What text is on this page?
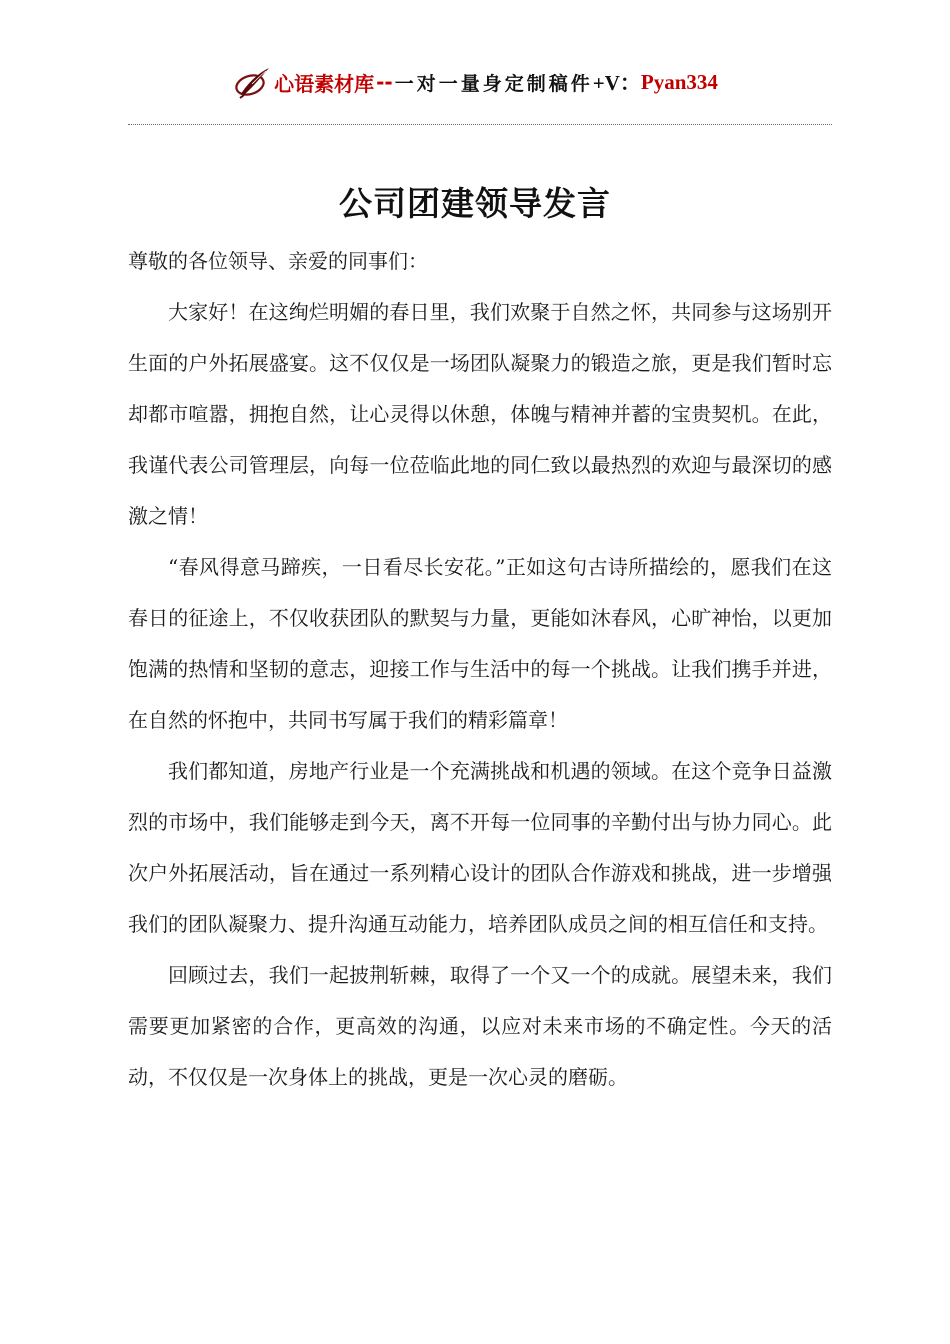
心语素材库 -- 一对一量身定制稿件 +V： Pyan334
公司团建领导发言

尊敬的各位领导、亲爱的同事们：

大家好！在这绚烂明媚的春日里，我们欢聚于自然之怀，共同参与这场别开生面的户外拓展盛宴。这不仅仅是一场团队凝聚力的锻造之旅，更是我们暂时忘却都市喧嚣，拥抱自然，让心灵得以休憩，体魄与精神并蓄的宝贵契机。在此，我谨代表公司管理层，向每一位莅临此地的同仁致以最热烈的欢迎与最深切的感激之情！

“春风得意马蹄疾，一日看尽长安花。”正如这句古诗所描绘的，愿我们在这春日的征途上，不仅收获团队的默契与力量，更能如沐春风，心旷神怡，以更加饱满的热情和坚韧的意志，迎接工作与生活中的每一个挑战。让我们携手并进，在自然的怀抱中，共同书写属于我们的精彩篇章！

我们都知道，房地产行业是一个充满挑战和机遇的领域。在这个竞争日益激烈的市场中，我们能够走到今天，离不开每一位同事的辛勤付出与协力同心。此次户外拓展活动，旨在通过一系列精心设计的团队合作游戏和挑战，进一步增强我们的团队凝聚力、提升沟通互动能力，培养团队成员之间的相互信任和支持。

回顾过去，我们一起披荆斩棘，取得了一个又一个的成就。展望未来，我们需要更加紧密的合作，更高效的沟通，以应对未来市场的不确定性。今天的活动，不仅仅是一次身体上的挑战，更是一次心灵的磨砺。
